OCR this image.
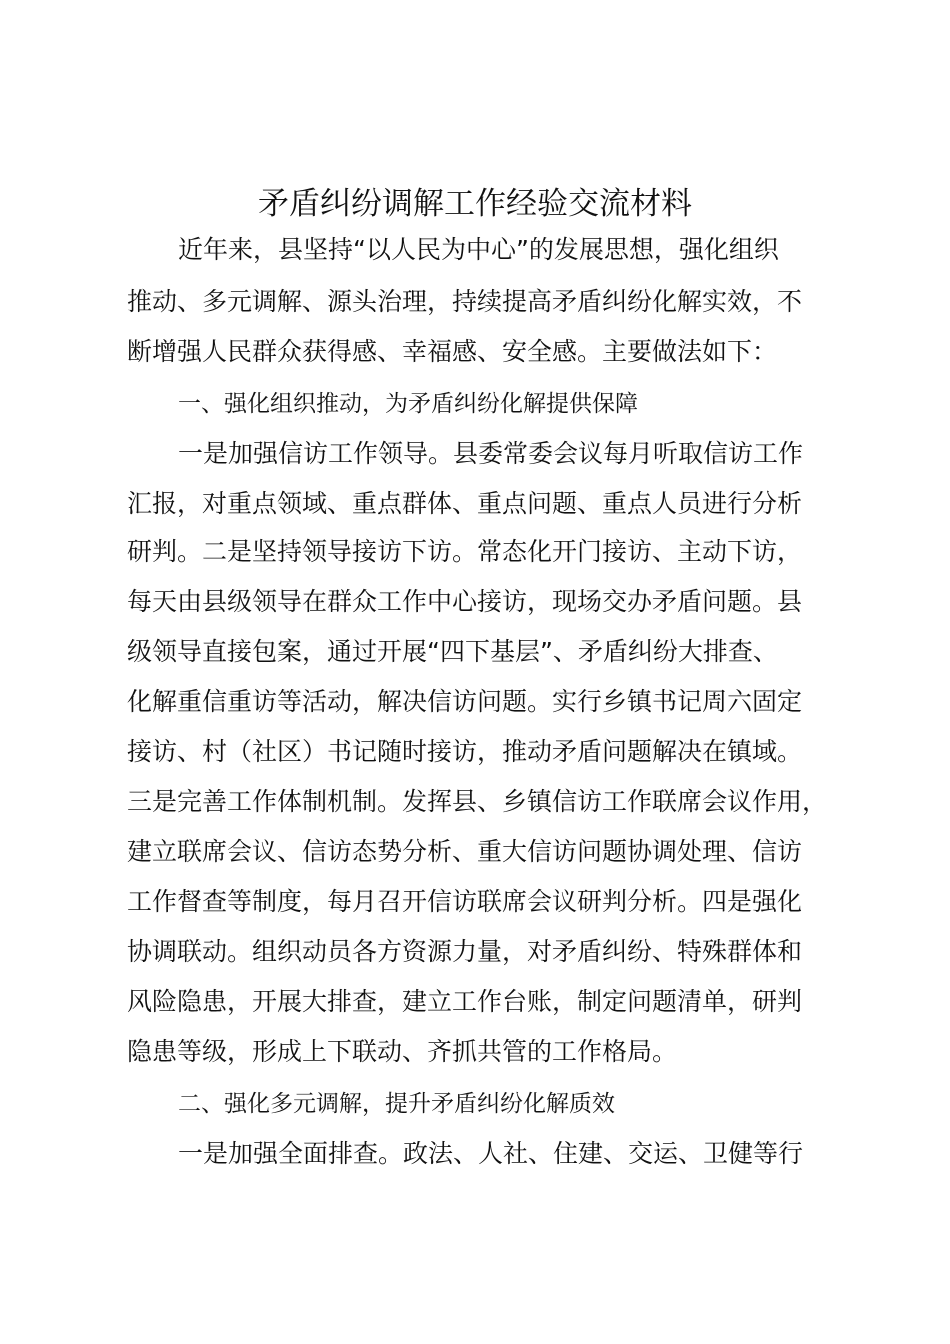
矛盾纠纷调解工作经验交流材料
近年来，县坚持“以人民为中心”的发展思想，强化组织
推动、多元调解、源头治理，持续提高矛盾纠纷化解实效，不
断增强人民群众获得感、幸福感、安全感。主要做法如下：
一、强化组织推动，为矛盾纠纷化解提供保障
一是加强信访工作领导。县委常委会议每月听取信访工作
汇报，对重点领域、重点群体、重点问题、重点人员进行分析
研判。二是坚持领导接访下访。常态化开门接访、主动下访，
每天由县级领导在群众工作中心接访，现场交办矛盾问题。县
级领导直接包案，通过开展“四下基层”、矛盾纠纷大排查、
化解重信重访等活动，解决信访问题。实行乡镇书记周六固定
接访、村（社区）书记随时接访，推动矛盾问题解决在镇域。
三是完善工作体制机制。发挥县、乡镇信访工作联席会议作用，
建立联席会议、信访态势分析、重大信访问题协调处理、信访
工作督查等制度，每月召开信访联席会议研判分析。四是强化
协调联动。组织动员各方资源力量，对矛盾纠纷、特殊群体和
风险隐患，开展大排查，建立工作台账，制定问题清单，研判
隐患等级，形成上下联动、齐抓共管的工作格局。
二、强化多元调解，提升矛盾纠纷化解质效
一是加强全面排查。政法、人社、住建、交运、卫健等行
